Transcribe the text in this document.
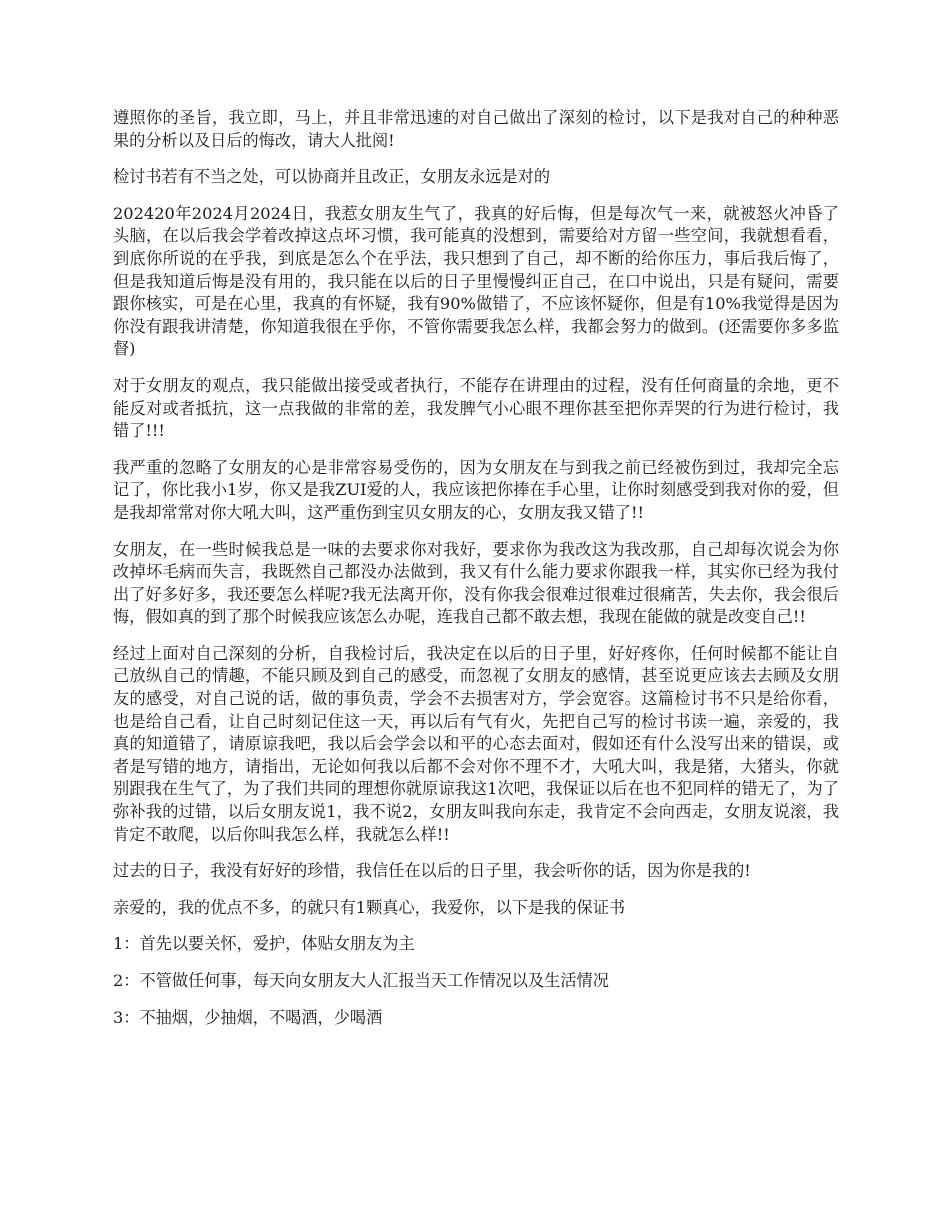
遵照你的圣旨，我立即，马上，并且非常迅速的对自己做出了深刻的检讨，以下是我对自己的种种恶果的分析以及日后的悔改，请大人批阅!

检讨书若有不当之处，可以协商并且改正，女朋友永远是对的

202420年2024月2024日，我惹女朋友生气了，我真的好后悔，但是每次气一来，就被怒火冲昏了头脑，在以后我会学着改掉这点坏习惯，我可能真的没想到，需要给对方留一些空间，我就想看看，到底你所说的在乎我，到底是怎么个在乎法，我只想到了自己，却不断的给你压力，事后我后悔了，但是我知道后悔是没有用的，我只能在以后的日子里慢慢纠正自己，在口中说出，只是有疑问，需要跟你核实，可是在心里，我真的有怀疑，我有90%做错了，不应该怀疑你，但是有10%我觉得是因为你没有跟我讲清楚，你知道我很在乎你，不管你需要我怎么样，我都会努力的做到。(还需要你多多监督)

对于女朋友的观点，我只能做出接受或者执行，不能存在讲理由的过程，没有任何商量的余地，更不能反对或者抵抗，这一点我做的非常的差，我发脾气小心眼不理你甚至把你弄哭的行为进行检讨，我错了!!!

我严重的忽略了女朋友的心是非常容易受伤的，因为女朋友在与到我之前已经被伤到过，我却完全忘记了，你比我小1岁，你又是我ZUI爱的人，我应该把你捧在手心里，让你时刻感受到我对你的爱，但是我却常常对你大吼大叫，这严重伤到宝贝女朋友的心，女朋友我又错了!!

女朋友，在一些时候我总是一味的去要求你对我好，要求你为我改这为我改那，自己却每次说会为你改掉坏毛病而失言，我既然自己都没办法做到，我又有什么能力要求你跟我一样，其实你已经为我付出了好多好多，我还要怎么样呢?我无法离开你，没有你我会很难过很难过很痛苦，失去你，我会很后悔，假如真的到了那个时候我应该怎么办呢，连我自己都不敢去想，我现在能做的就是改变自己!!

经过上面对自己深刻的分析，自我检讨后，我决定在以后的日子里，好好疼你，任何时候都不能让自己放纵自己的情趣，不能只顾及到自己的感受，而忽视了女朋友的感情，甚至说更应该去去顾及女朋友的感受，对自己说的话，做的事负责，学会不去损害对方，学会宽容。这篇检讨书不只是给你看，也是给自己看，让自己时刻记住这一天，再以后有气有火，先把自己写的检讨书读一遍，亲爱的，我真的知道错了，请原谅我吧，我以后会学会以和平的心态去面对，假如还有什么没写出来的错误，或者是写错的地方，请指出，无论如何我以后都不会对你不理不才，大吼大叫，我是猪，大猪头，你就别跟我在生气了，为了我们共同的理想你就原谅我这1次吧，我保证以后在也不犯同样的错无了，为了弥补我的过错，以后女朋友说1，我不说2，女朋友叫我向东走，我肯定不会向西走，女朋友说滚，我肯定不敢爬，以后你叫我怎么样，我就怎么样!!

过去的日子，我没有好好的珍惜，我信任在以后的日子里，我会听你的话，因为你是我的!

亲爱的，我的优点不多，的就只有1颗真心，我爱你，以下是我的保证书

1：首先以要关怀，爱护，体贴女朋友为主

2：不管做任何事，每天向女朋友大人汇报当天工作情况以及生活情况

3：不抽烟，少抽烟，不喝酒，少喝酒
